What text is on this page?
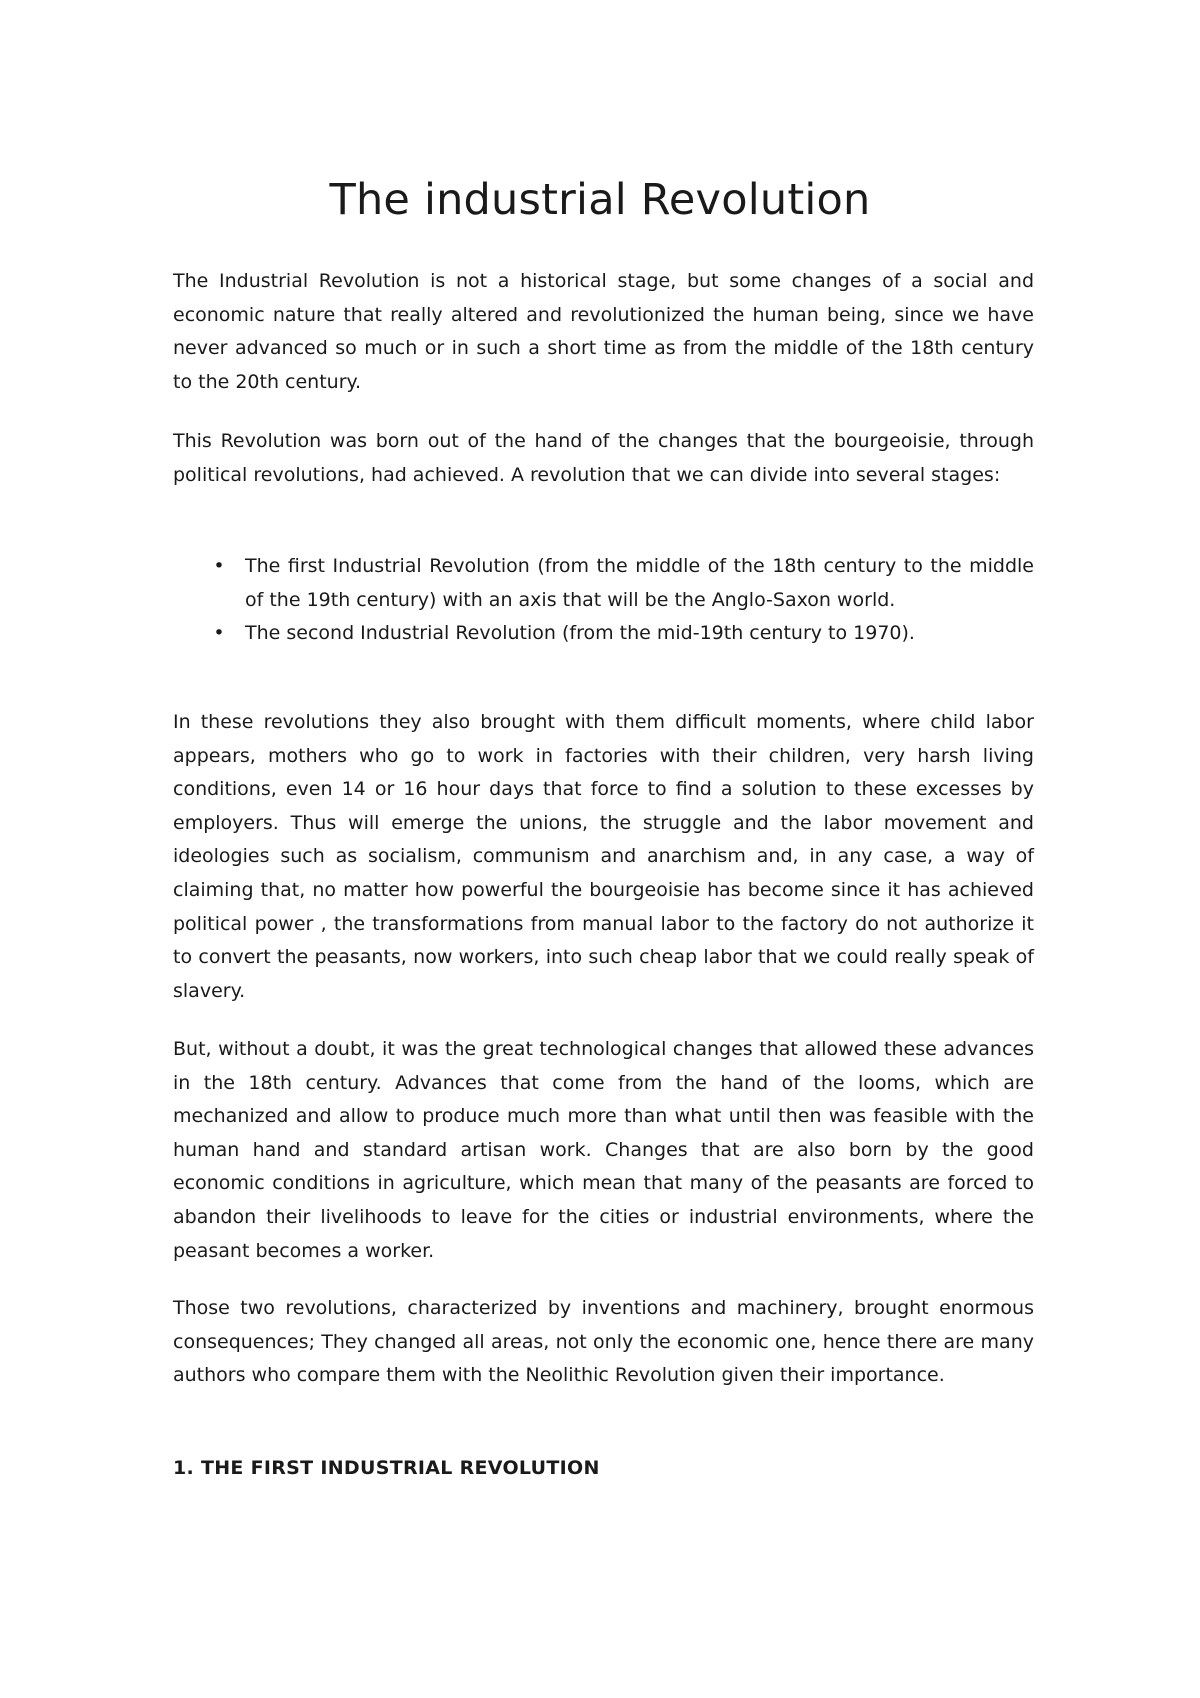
The industrial Revolution

The Industrial Revolution is not a historical stage, but some changes of a social and economic nature that really altered and revolutionized the human being, since we have never advanced so much or in such a short time as from the middle of the 18th century to the 20th century.

This Revolution was born out of the hand of the changes that the bourgeoisie, through political revolutions, had achieved. A revolution that we can divide into several stages:

• The first Industrial Revolution (from the middle of the 18th century to the middle of the 19th century) with an axis that will be the Anglo-Saxon world.
• The second Industrial Revolution (from the mid-19th century to 1970).

In these revolutions they also brought with them difficult moments, where child labor appears, mothers who go to work in factories with their children, very harsh living conditions, even 14 or 16 hour days that force to find a solution to these excesses by employers. Thus will emerge the unions, the struggle and the labor movement and ideologies such as socialism, communism and anarchism and, in any case, a way of claiming that, no matter how powerful the bourgeoisie has become since it has achieved political power , the transformations from manual labor to the factory do not authorize it to convert the peasants, now workers, into such cheap labor that we could really speak of slavery.

But, without a doubt, it was the great technological changes that allowed these advances in the 18th century. Advances that come from the hand of the looms, which are mechanized and allow to produce much more than what until then was feasible with the human hand and standard artisan work. Changes that are also born by the good economic conditions in agriculture, which mean that many of the peasants are forced to abandon their livelihoods to leave for the cities or industrial environments, where the peasant becomes a worker.

Those two revolutions, characterized by inventions and machinery, brought enormous consequences; They changed all areas, not only the economic one, hence there are many authors who compare them with the Neolithic Revolution given their importance.

1. THE FIRST INDUSTRIAL REVOLUTION
